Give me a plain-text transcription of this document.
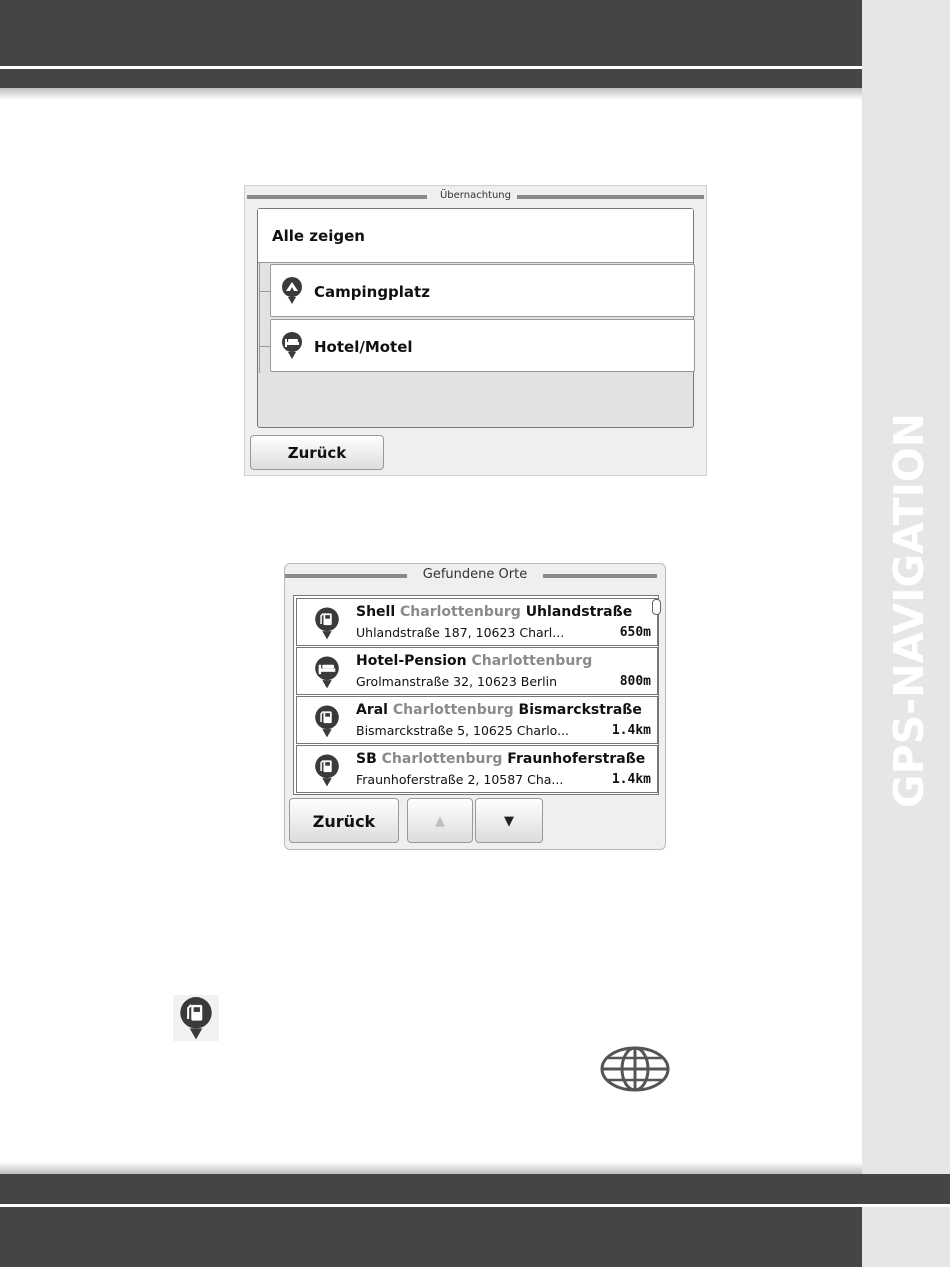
GPS-NAVIGATION
Übernachtung
Alle zeigen
Campingplatz
Hotel/Motel
Zurück
Gefundene Orte
Shell Charlottenburg Uhlandstraße
Uhlandstraße 187, 10623 Charl...	650m
Hotel-Pension Charlottenburg
Grolmanstraße 32, 10623 Berlin	800m
Aral Charlottenburg Bismarckstraße
Bismarckstraße 5, 10625 Charlo...	1.4km
SB Charlottenburg Fraunhoferstraße
Fraunhoferstraße 2, 10587 Cha...	1.4km
Zurück	▲	▼
